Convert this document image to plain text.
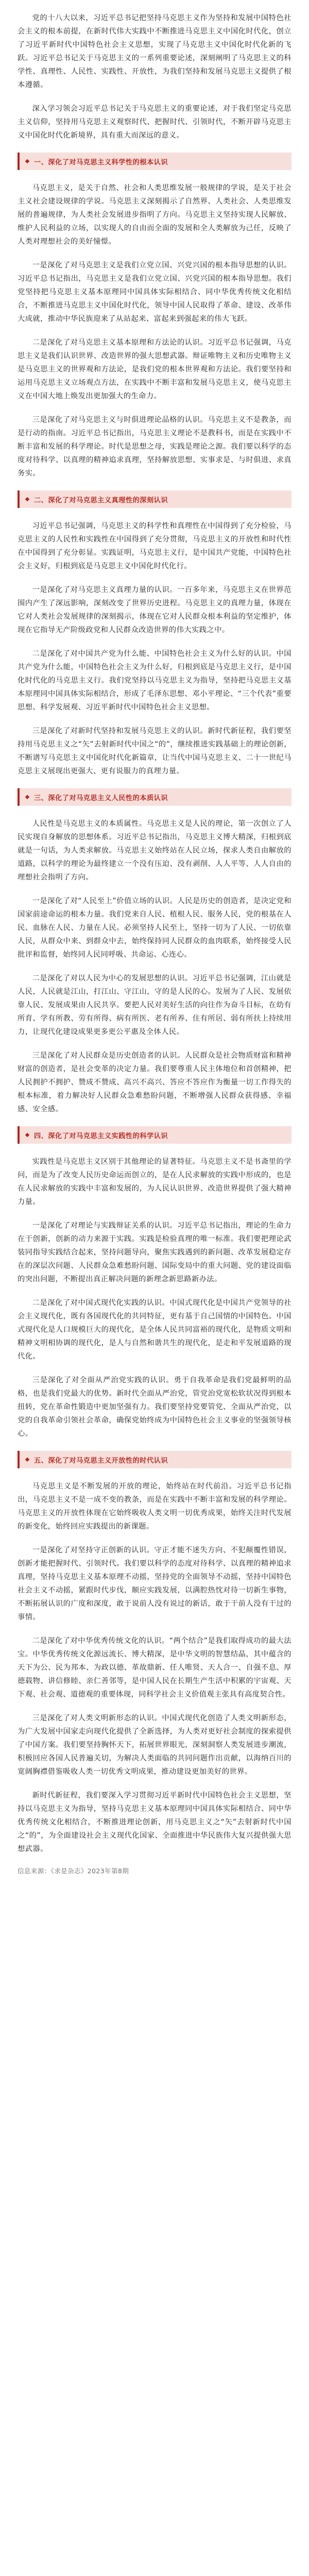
党的十八大以来，习近平总书记把坚持马克思主义作为坚持和发展中国特色社会主义的根本前提，在新时代伟大实践中不断推进马克思主义中国化时代化，创立了习近平新时代中国特色社会主义思想，实现了马克思主义中国化时代化新的飞跃。习近平总书记关于马克思主义的一系列重要论述，深刻阐明了马克思主义的科学性、真理性、人民性、实践性、开放性，为我们坚持和发展马克思主义提供了根本遵循。

深入学习领会习近平总书记关于马克思主义的重要论述，对于我们坚定马克思主义信仰，坚持用马克思主义观察时代、把握时代、引领时代，不断开辟马克思主义中国化时代化新境界，具有重大而深远的意义。

一、深化了对马克思主义科学性的根本认识

马克思主义，是关于自然、社会和人类思维发展一般规律的学说，是关于社会主义社会建设规律的学说。马克思主义深刻揭示了自然界、人类社会、人类思维发展的普遍规律，为人类社会发展进步指明了方向。马克思主义坚持实现人民解放、维护人民利益的立场，以实现人的自由而全面的发展和全人类解放为己任，反映了人类对理想社会的美好憧憬。

一是深化了对马克思主义是我们立党立国、兴党兴国的根本指导思想的认识。习近平总书记指出，马克思主义是我们立党立国、兴党兴国的根本指导思想。我们党坚持把马克思主义基本原理同中国具体实际相结合、同中华优秀传统文化相结合，不断推进马克思主义中国化时代化，领导中国人民取得了革命、建设、改革伟大成就，推动中华民族迎来了从站起来、富起来到强起来的伟大飞跃。

二是深化了对马克思主义基本原理和方法论的认识。习近平总书记强调，马克思主义是我们认识世界、改造世界的强大思想武器。辩证唯物主义和历史唯物主义是马克思主义的世界观和方法论，是我们党的根本世界观和方法论。我们要坚持和运用马克思主义立场观点方法，在实践中不断丰富和发展马克思主义，使马克思主义在中国大地上焕发出更加强大的生命力。

三是深化了对马克思主义与时俱进理论品格的认识。马克思主义不是教条，而是行动的指南。习近平总书记指出，马克思主义理论不是教科书，而是在实践中不断丰富和发展的科学理论。时代是思想之母，实践是理论之源。我们要以科学的态度对待科学、以真理的精神追求真理，坚持解放思想、实事求是、与时俱进、求真务实。

二、深化了对马克思主义真理性的深刻认识

习近平总书记强调，马克思主义的科学性和真理性在中国得到了充分检验，马克思主义的人民性和实践性在中国得到了充分贯彻，马克思主义的开放性和时代性在中国得到了充分彰显。实践证明，马克思主义行，是中国共产党能，中国特色社会主义好，归根到底是马克思主义中国化时代化行。

一是深化了对马克思主义真理力量的认识。一百多年来，马克思主义在世界范围内产生了深远影响，深刻改变了世界历史进程。马克思主义的真理力量，体现在它对人类社会发展规律的深刻揭示，体现在它对人民群众根本利益的坚定维护，体现在它指导无产阶级政党和人民群众改造世界的伟大实践之中。

二是深化了对中国共产党为什么能、中国特色社会主义为什么好的认识。中国共产党为什么能，中国特色社会主义为什么好，归根到底是马克思主义行，是中国化时代化的马克思主义行。我们党坚持以马克思主义为指导，坚持把马克思主义基本原理同中国具体实际相结合，形成了毛泽东思想、邓小平理论、“三个代表”重要思想、科学发展观、习近平新时代中国特色社会主义思想。

三是深化了对新时代坚持和发展马克思主义的认识。新时代新征程，我们要坚持用马克思主义之“矢”去射新时代中国之“的”，继续推进实践基础上的理论创新，不断谱写马克思主义中国化时代化新篇章，让当代中国马克思主义、二十一世纪马克思主义展现出更强大、更有说服力的真理力量。

三、深化了对马克思主义人民性的本质认识

人民性是马克思主义的本质属性。马克思主义是人民的理论，第一次创立了人民实现自身解放的思想体系。习近平总书记指出，马克思主义博大精深，归根到底就是一句话，为人类求解放。马克思主义始终站在人民立场，探求人类自由解放的道路，以科学的理论为最终建立一个没有压迫、没有剥削、人人平等、人人自由的理想社会指明了方向。

一是深化了对“人民至上”价值立场的认识。人民是历史的创造者，是决定党和国家前途命运的根本力量。我们党来自人民、植根人民、服务人民，党的根基在人民、血脉在人民、力量在人民。必须坚持人民至上，坚持一切为了人民、一切依靠人民，从群众中来、到群众中去，始终保持同人民群众的血肉联系，始终接受人民批评和监督，始终同人民同呼吸、共命运、心连心。

二是深化了对以人民为中心的发展思想的认识。习近平总书记强调，江山就是人民，人民就是江山，打江山、守江山，守的是人民的心。发展为了人民、发展依靠人民、发展成果由人民共享。要把人民对美好生活的向往作为奋斗目标，在幼有所育、学有所教、劳有所得、病有所医、老有所养、住有所居、弱有所扶上持续用力，让现代化建设成果更多更公平惠及全体人民。

三是深化了对人民群众是历史创造者的认识。人民群众是社会物质财富和精神财富的创造者，是社会变革的决定力量。我们要尊重人民主体地位和首创精神，把人民拥护不拥护、赞成不赞成、高兴不高兴、答应不答应作为衡量一切工作得失的根本标准，着力解决好人民群众急难愁盼问题，不断增强人民群众获得感、幸福感、安全感。

四、深化了对马克思主义实践性的科学认识

实践性是马克思主义区别于其他理论的显著特征。马克思主义不是书斋里的学问，而是为了改变人民历史命运而创立的，是在人民求解放的实践中形成的，也是在人民求解放的实践中丰富和发展的，为人民认识世界、改造世界提供了强大精神力量。

一是深化了对理论与实践辩证关系的认识。习近平总书记指出，理论的生命力在于创新，创新的动力来源于实践。实践是检验真理的唯一标准。我们要把理论武装同指导实践结合起来，坚持问题导向，聚焦实践遇到的新问题、改革发展稳定存在的深层次问题、人民群众急难愁盼问题、国际变局中的重大问题、党的建设面临的突出问题，不断提出真正解决问题的新理念新思路新办法。

二是深化了对中国式现代化实践的认识。中国式现代化是中国共产党领导的社会主义现代化，既有各国现代化的共同特征，更有基于自己国情的中国特色。中国式现代化是人口规模巨大的现代化，是全体人民共同富裕的现代化，是物质文明和精神文明相协调的现代化，是人与自然和谐共生的现代化，是走和平发展道路的现代化。

三是深化了对全面从严治党实践的认识。勇于自我革命是我们党最鲜明的品格，也是我们党最大的优势。新时代全面从严治党，管党治党宽松软状况得到根本扭转，党在革命性锻造中更加坚强有力。我们要坚持党要管党、全面从严治党，以党的自我革命引领社会革命，确保党始终成为中国特色社会主义事业的坚强领导核心。

五、深化了对马克思主义开放性的时代认识

马克思主义是不断发展的开放的理论，始终站在时代前沿。习近平总书记指出，马克思主义不是一成不变的教条，而是在实践中不断丰富和发展的科学理论。马克思主义的开放性体现在它始终吸收人类文明一切优秀成果，始终关注时代发展的新变化，始终回应实践提出的新课题。

一是深化了对坚持守正创新的认识。守正才能不迷失方向、不犯颠覆性错误，创新才能把握时代、引领时代。我们要以科学的态度对待科学、以真理的精神追求真理，坚持马克思主义基本原理不动摇，坚持党的全面领导不动摇，坚持中国特色社会主义不动摇，紧跟时代步伐，顺应实践发展，以满腔热忱对待一切新生事物，不断拓展认识的广度和深度，敢于说前人没有说过的新话，敢于干前人没有干过的事情。

二是深化了对中华优秀传统文化的认识。“两个结合”是我们取得成功的最大法宝。中华优秀传统文化源远流长、博大精深，是中华文明的智慧结晶，其中蕴含的天下为公、民为邦本、为政以德、革故鼎新、任人唯贤、天人合一、自强不息、厚德载物、讲信修睦、亲仁善邻等，是中国人民在长期生产生活中积累的宇宙观、天下观、社会观、道德观的重要体现，同科学社会主义价值观主张具有高度契合性。

三是深化了对人类文明新形态的认识。中国式现代化创造了人类文明新形态，为广大发展中国家走向现代化提供了全新选择，为人类对更好社会制度的探索提供了中国方案。我们要坚持胸怀天下，拓展世界眼光，深刻洞察人类发展进步潮流，积极回应各国人民普遍关切，为解决人类面临的共同问题作出贡献，以海纳百川的宽阔胸襟借鉴吸收人类一切优秀文明成果，推动建设更加美好的世界。

新时代新征程，我们要深入学习贯彻习近平新时代中国特色社会主义思想，坚持以马克思主义为指导，坚持马克思主义基本原理同中国具体实际相结合、同中华优秀传统文化相结合，不断推进理论创新，用马克思主义之“矢”去射新时代中国之“的”，为全面建设社会主义现代化国家、全面推进中华民族伟大复兴提供强大思想武器。

信息来源：《求是杂志》2023年第8期
